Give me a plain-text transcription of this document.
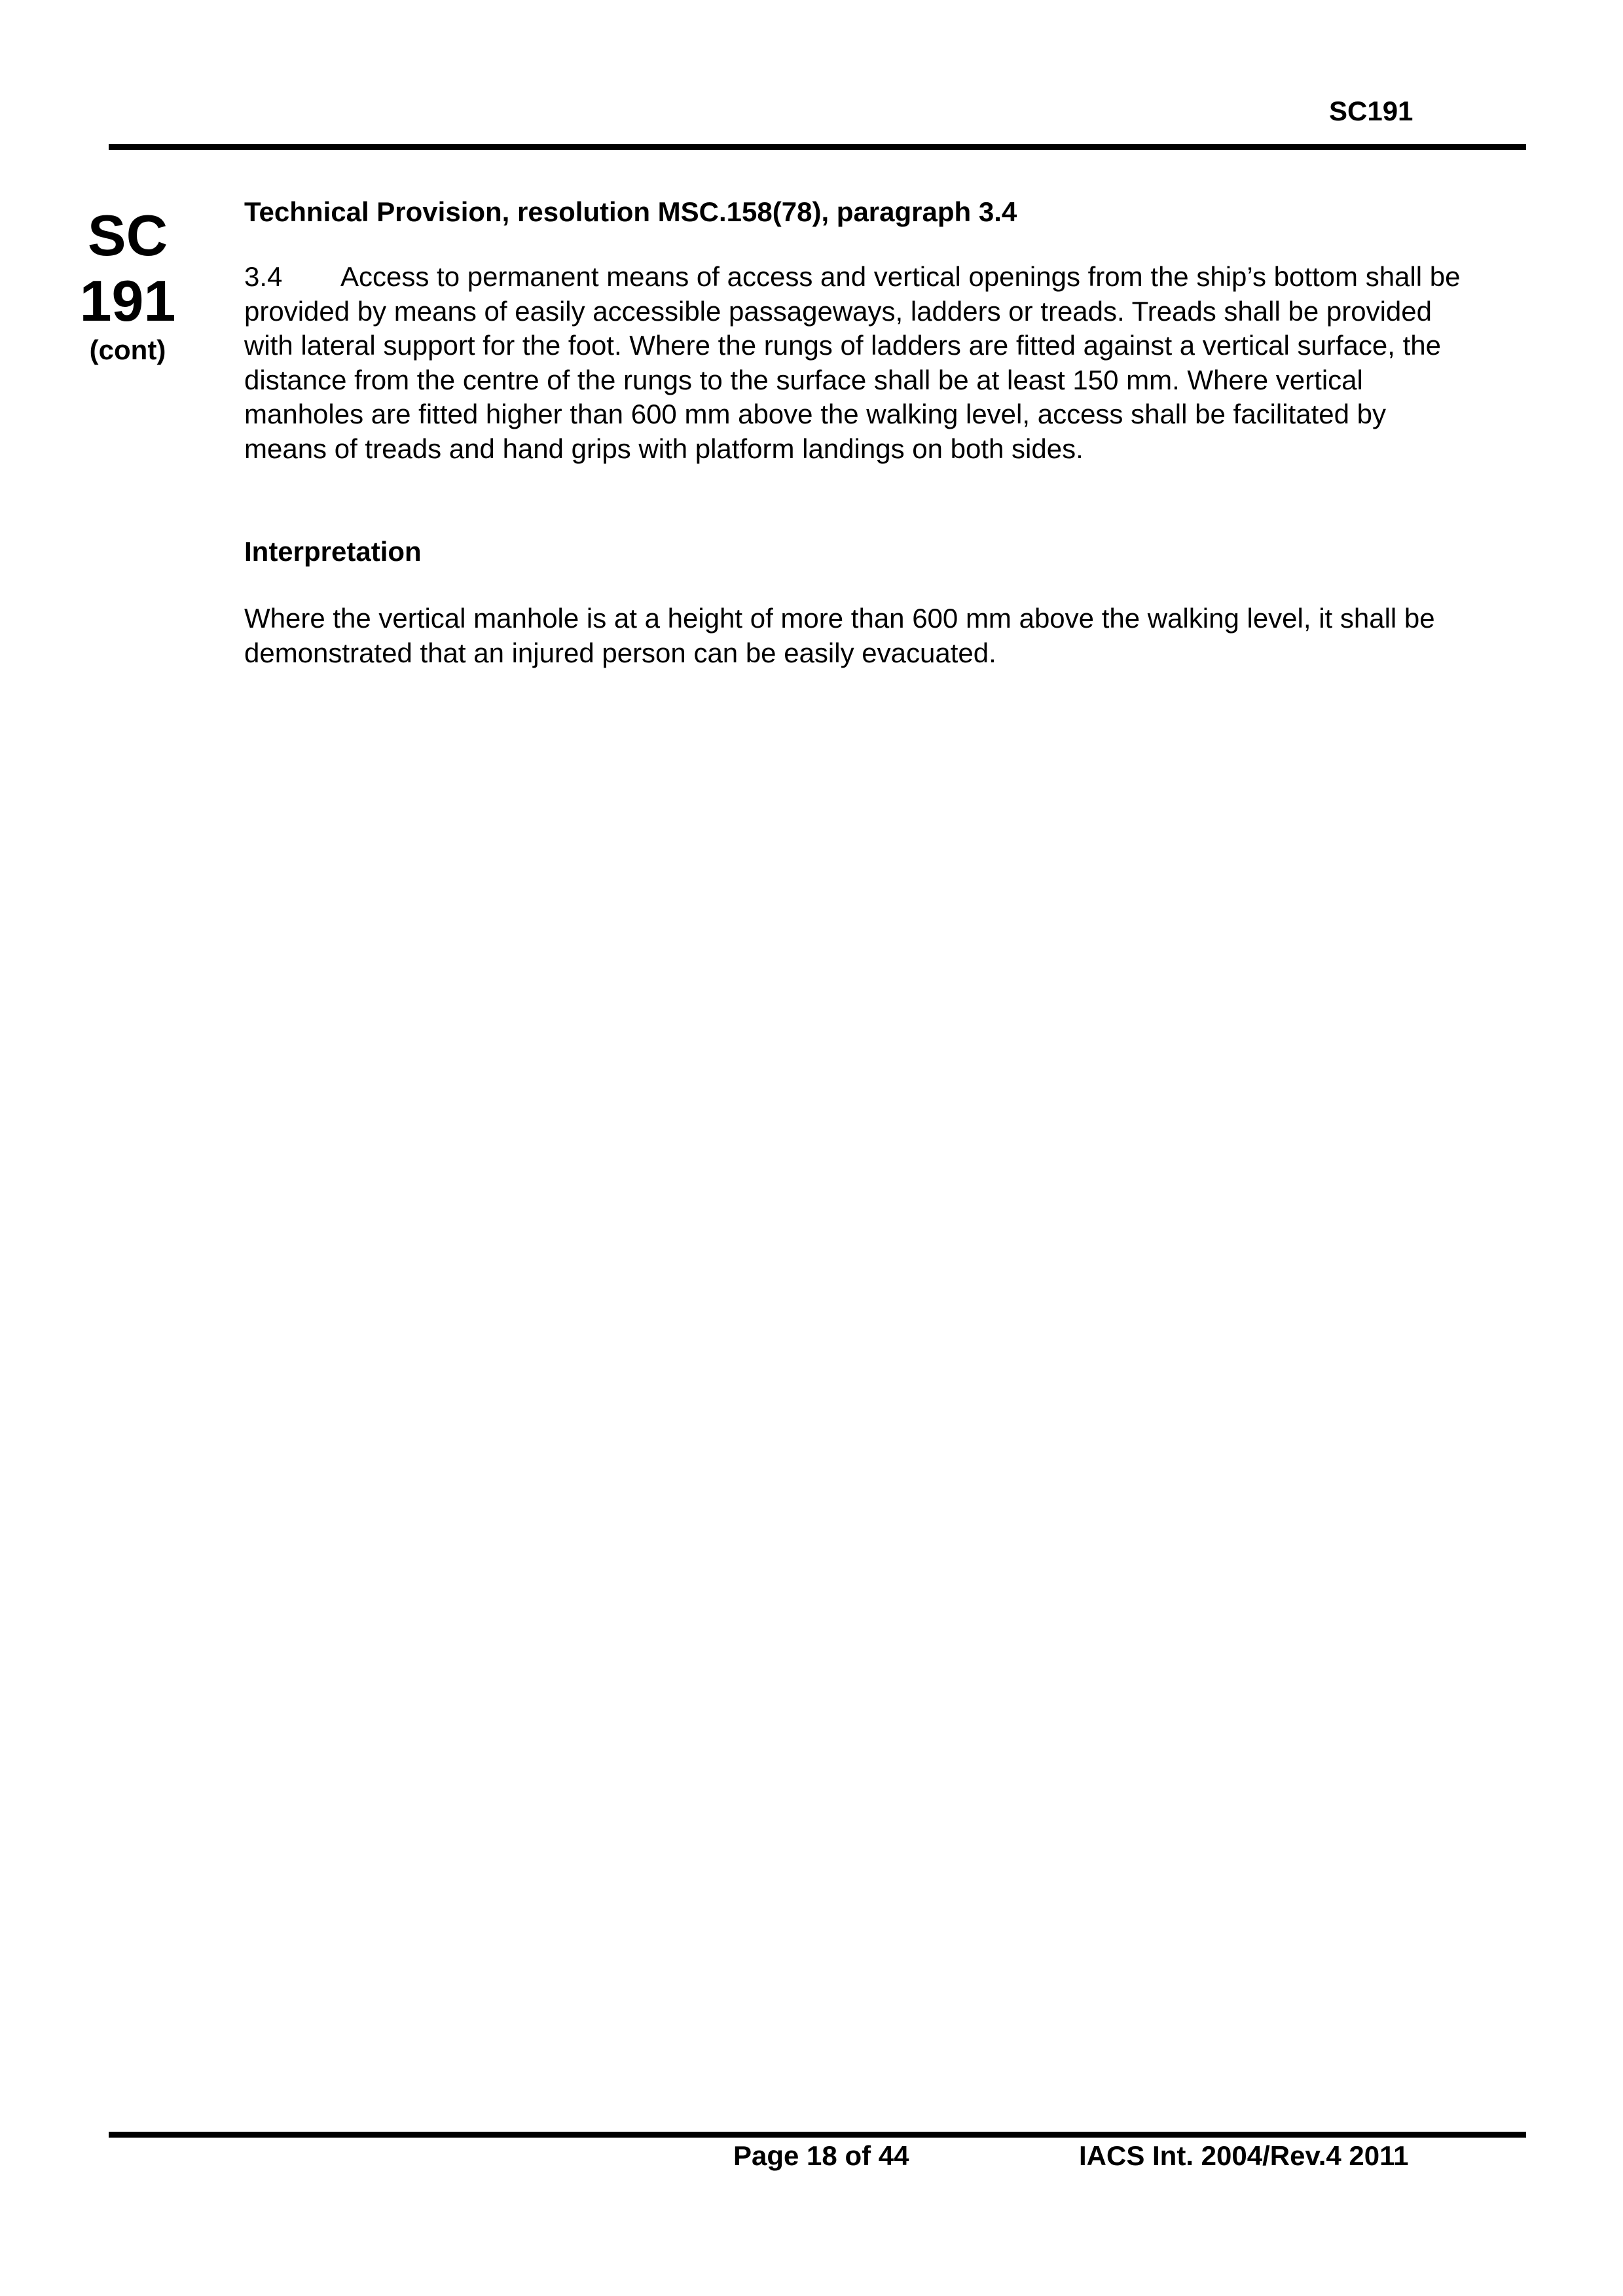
SC191
SC
191
(cont)

Technical Provision, resolution MSC.158(78), paragraph 3.4

3.4 Access to permanent means of access and vertical openings from the ship’s bottom shall be provided by means of easily accessible passageways, ladders or treads. Treads shall be provided with lateral support for the foot. Where the rungs of ladders are fitted against a vertical surface, the distance from the centre of the rungs to the surface shall be at least 150 mm. Where vertical manholes are fitted higher than 600 mm above the walking level, access shall be facilitated by means of treads and hand grips with platform landings on both sides.

Interpretation

Where the vertical manhole is at a height of more than 600 mm above the walking level, it shall be demonstrated that an injured person can be easily evacuated.

Page 18 of 44	IACS Int. 2004/Rev.4 2011
